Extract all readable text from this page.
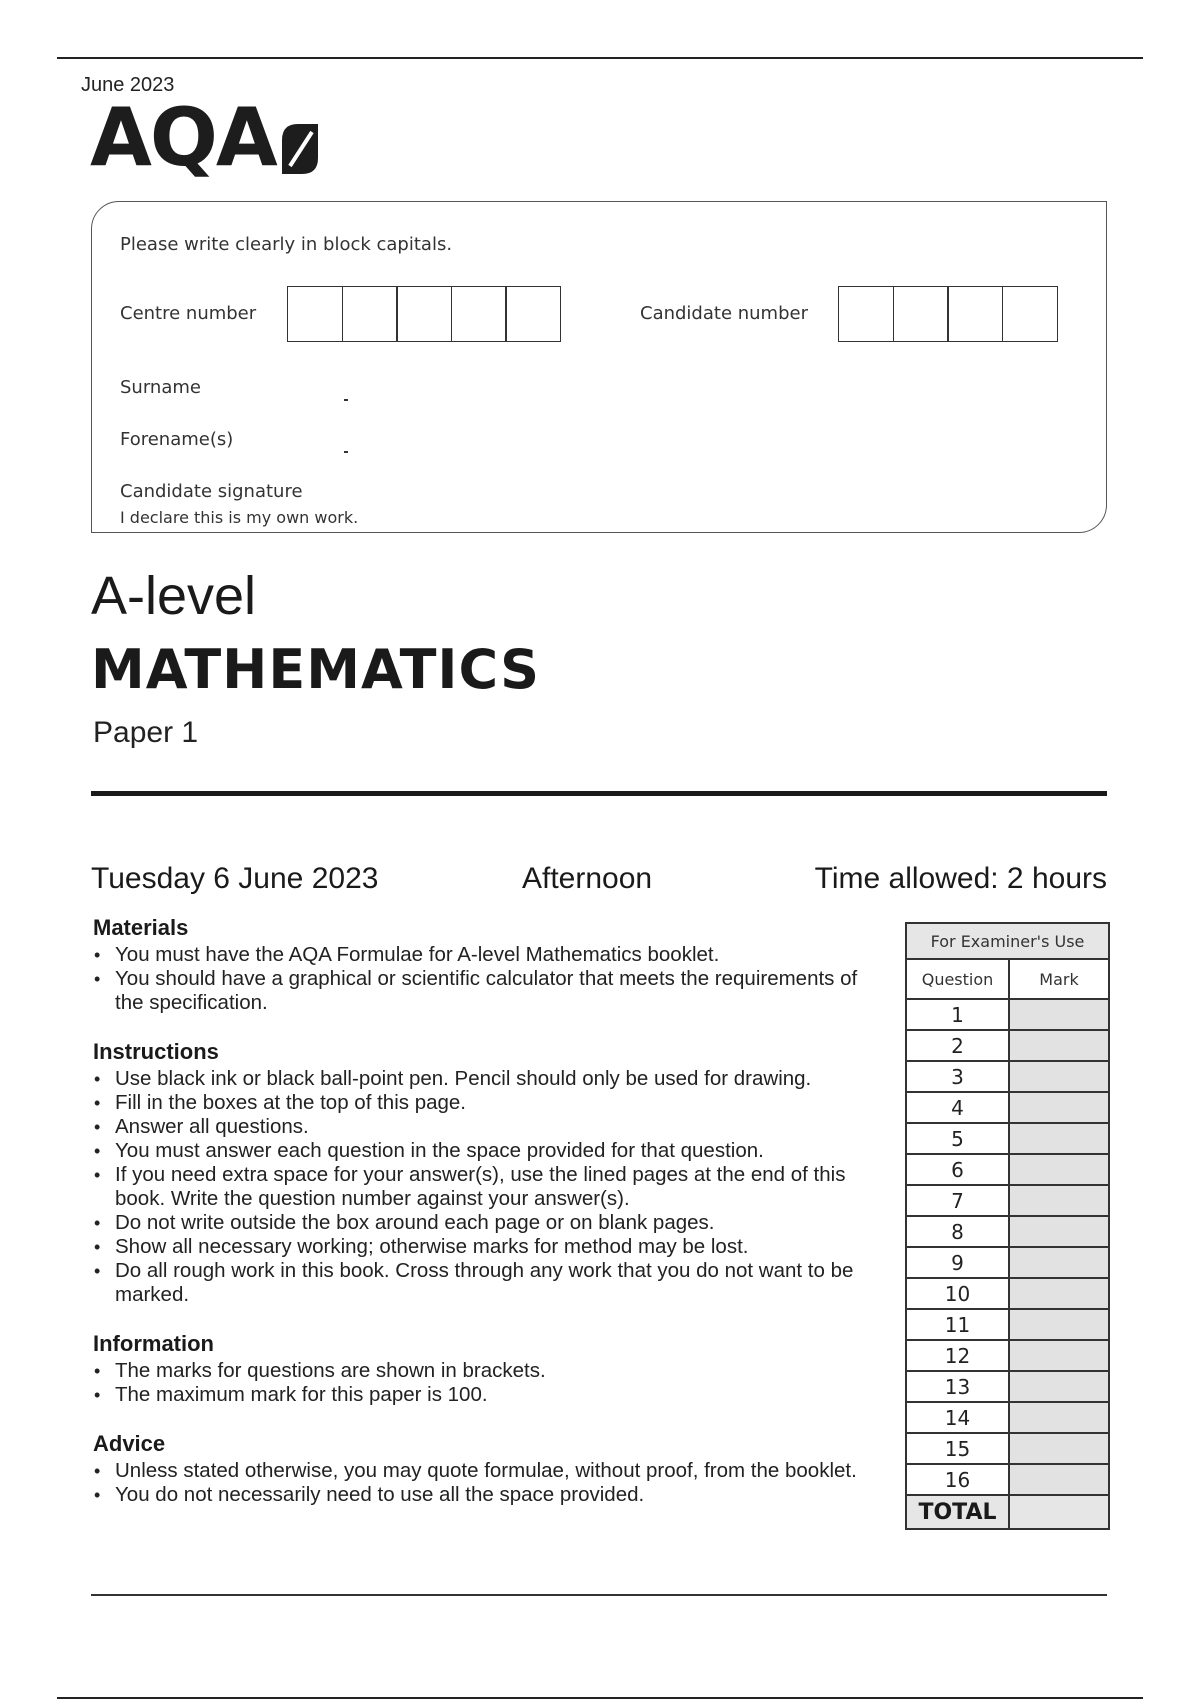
June 2023
AQA
Please write clearly in block capitals.
Centre number	Candidate number
Surname
Forename(s)
Candidate signature
I declare this is my own work.
A-level
MATHEMATICS
Paper 1
Tuesday 6 June 2023	Afternoon	Time allowed: 2 hours
Materials
• You must have the AQA Formulae for A-level Mathematics booklet.
• You should have a graphical or scientific calculator that meets the requirements of the specification.
Instructions
• Use black ink or black ball-point pen. Pencil should only be used for drawing.
• Fill in the boxes at the top of this page.
• Answer all questions.
• You must answer each question in the space provided for that question.
• If you need extra space for your answer(s), use the lined pages at the end of this book. Write the question number against your answer(s).
• Do not write outside the box around each page or on blank pages.
• Show all necessary working; otherwise marks for method may be lost.
• Do all rough work in this book. Cross through any work that you do not want to be marked.
Information
• The marks for questions are shown in brackets.
• The maximum mark for this paper is 100.
Advice
• Unless stated otherwise, you may quote formulae, without proof, from the booklet.
• You do not necessarily need to use all the space provided.
For Examiner's Use	
Question	Mark
1	
2	
3	
4	
5	
6	
7	
8	
9	
10	
11	
12	
13	
14	
15	
16	
TOTAL	
